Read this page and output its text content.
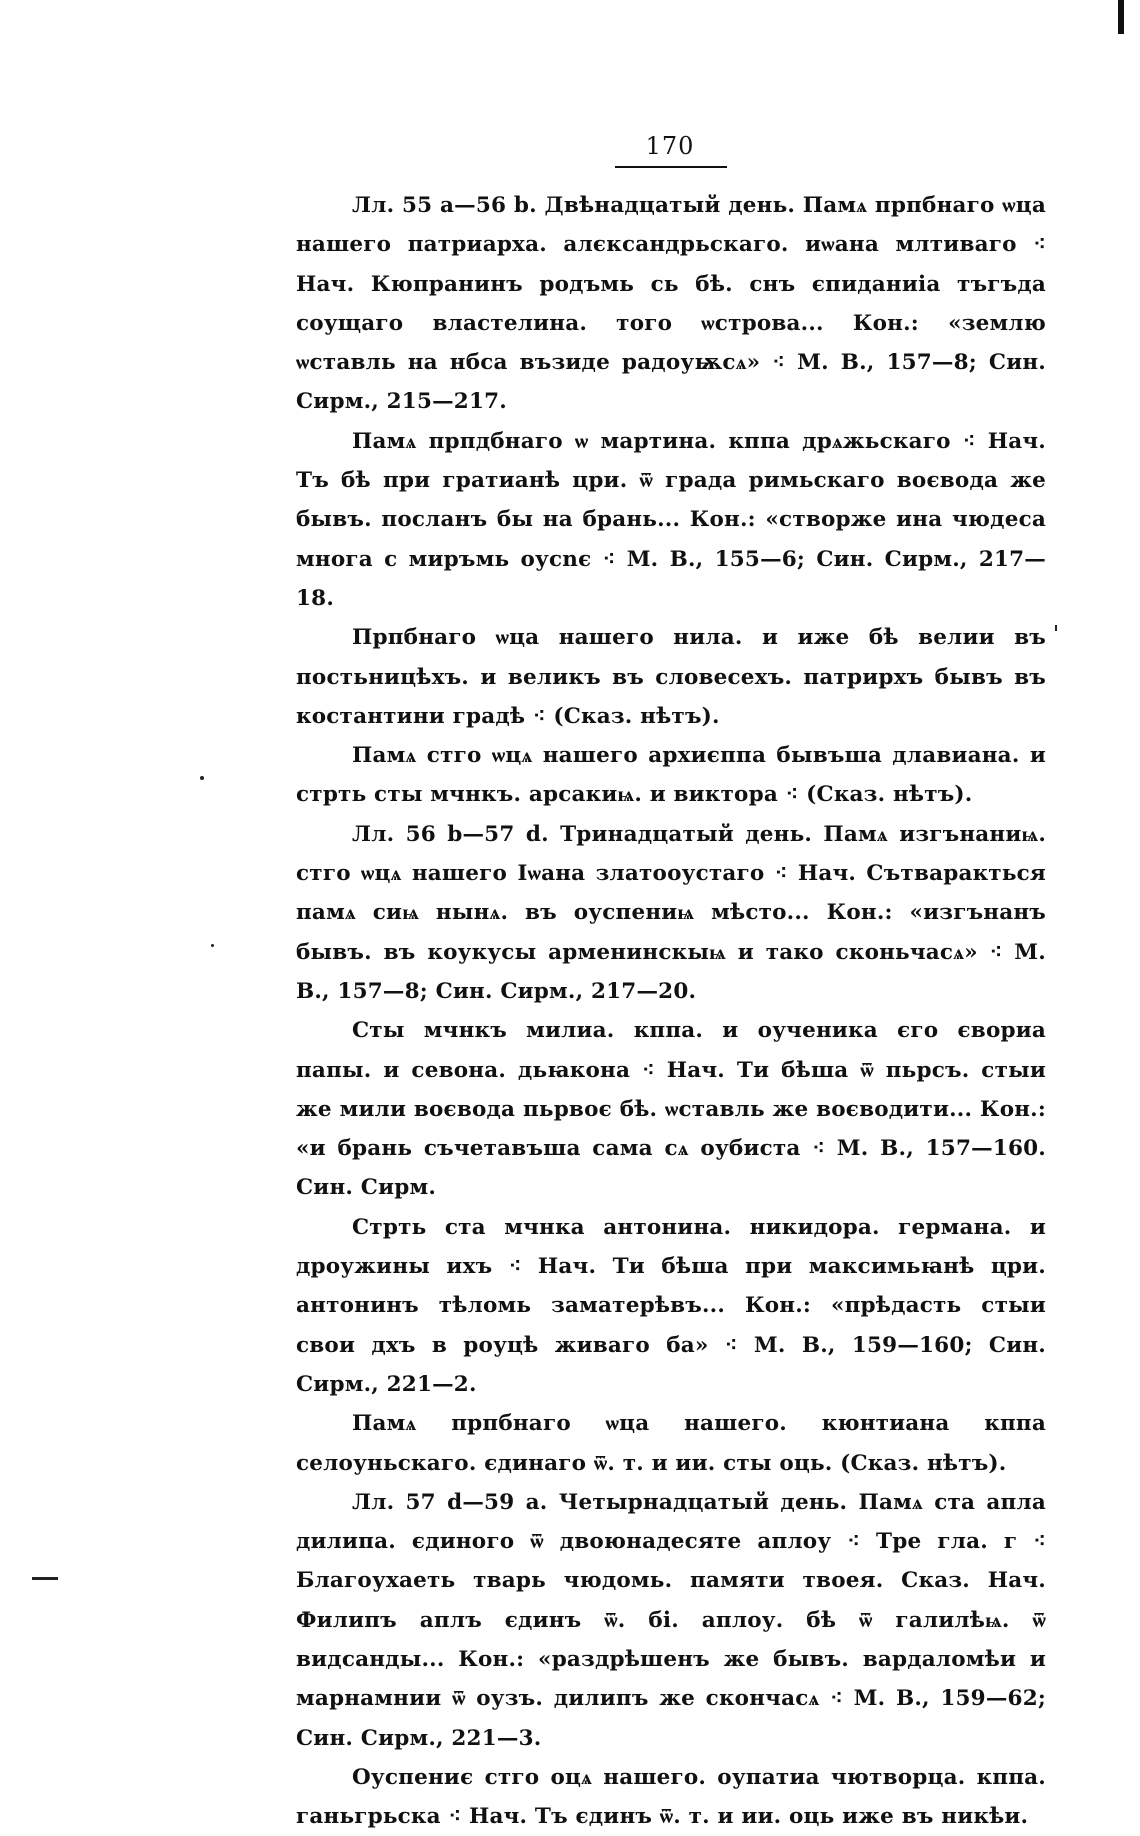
170

Лл. 55 а—56 b. Двѣнадцатый день. Памѧ прпбнаго ѡца нашего патриарха. алєксандрьскаго. иѡана млтиваго ⁖ Нач. Кюпранинъ родъмь сь бѣ. снъ єпиданиіа тъгъда соущаго властелина. того ѡстрова... Кон.: «землю ѡставль на нбса възиде радоуѭсѧ» ⁖ М. В., 157—8; Син. Сирм., 215—217.

Памѧ прпдбнаго ѡ мартина. кппа дрѧжьскаго ⁖ Нач. Тъ бѣ при гратианѣ цри. ѿ града римьскаго воєвода же бывъ. посланъ бы на брань... Кон.: «створже ина чюдеса многа с миръмь оусnє ⁖ М. В., 155—6; Син. Сирм., 217—18.

Прпбнаго ѡца нашего нила. и иже бѣ велии въ постьницѣхъ. и великъ въ словесехъ. патрирхъ бывъ въ костантини градѣ ⁖ (Сказ. нѣтъ).

Памѧ стго ѡцѧ нашего архиєппа бывъша длавиана. и стрть сты мчнкъ. арсакиѩ. и виктора ⁖ (Сказ. нѣтъ).

Лл. 56 b—57 d. Тринадцатый день. Памѧ изгънаниѩ. стго ѡцѧ нашего Іѡана златооустаго ⁖ Нач. Сътваракться памѧ сиѩ нынѧ. въ оуспениѩ мѣсто... Кон.: «изгънанъ бывъ. въ коукусы арменинскыѩ и тако сконьчасѧ» ⁖ М. В., 157—8; Син. Сирм., 217—20.

Сты мчнкъ милиа. кппа. и оученика єго євориа папы. и севона. дьꙗкона ⁖ Нач. Ти бѣша ѿ пьрсъ. стыи же мили воєвода пьрвоє бѣ. ѡставль же воєводити... Кон.: «и брань съчетавъша сама сѧ оубиста ⁖ М. В., 157—160. Син. Сирм.

Стрть ста мчнка антонина. никидора. германа. и дроужины ихъ ⁖ Нач. Ти бѣша при максимьꙗнѣ цри. антонинъ тѣломь заматерѣвъ... Кон.: «прѣдасть стыи свои дхъ в роуцѣ живаго ба» ⁖ М. В., 159—160; Син. Сирм., 221—2.

Памѧ прпбнаго ѡца нашего. кюнтиана кппа селоуньскаго. єдинаго ѿ. т. и ии. сты оць. (Сказ. нѣтъ).

Лл. 57 d—59 а. Четырнадцатый день. Памѧ ста апла дилипа. єдиного ѿ двоюнадесяте аплоу ⁖ Тре гла. г ⁖ Благоухаеть тварь чюдомь. памяти твоея. Сказ. Нач. Филипъ аплъ єдинъ ѿ. бі. аплоу. бѣ ѿ галилѣѩ. ѿ видсанды... Кон.: «раздрѣшенъ же бывъ. вардаломѣи и марнамнии ѿ оузъ. дилипъ же скончасѧ ⁖ М. В., 159—62; Син. Сирм., 221—3.

Оуспениє стго оцѧ нашего. оупатиа чютворца. кппа. ганьгрьска ⁖ Нач. Тъ єдинъ ѿ. т. и ии. оць иже въ никѣи.
